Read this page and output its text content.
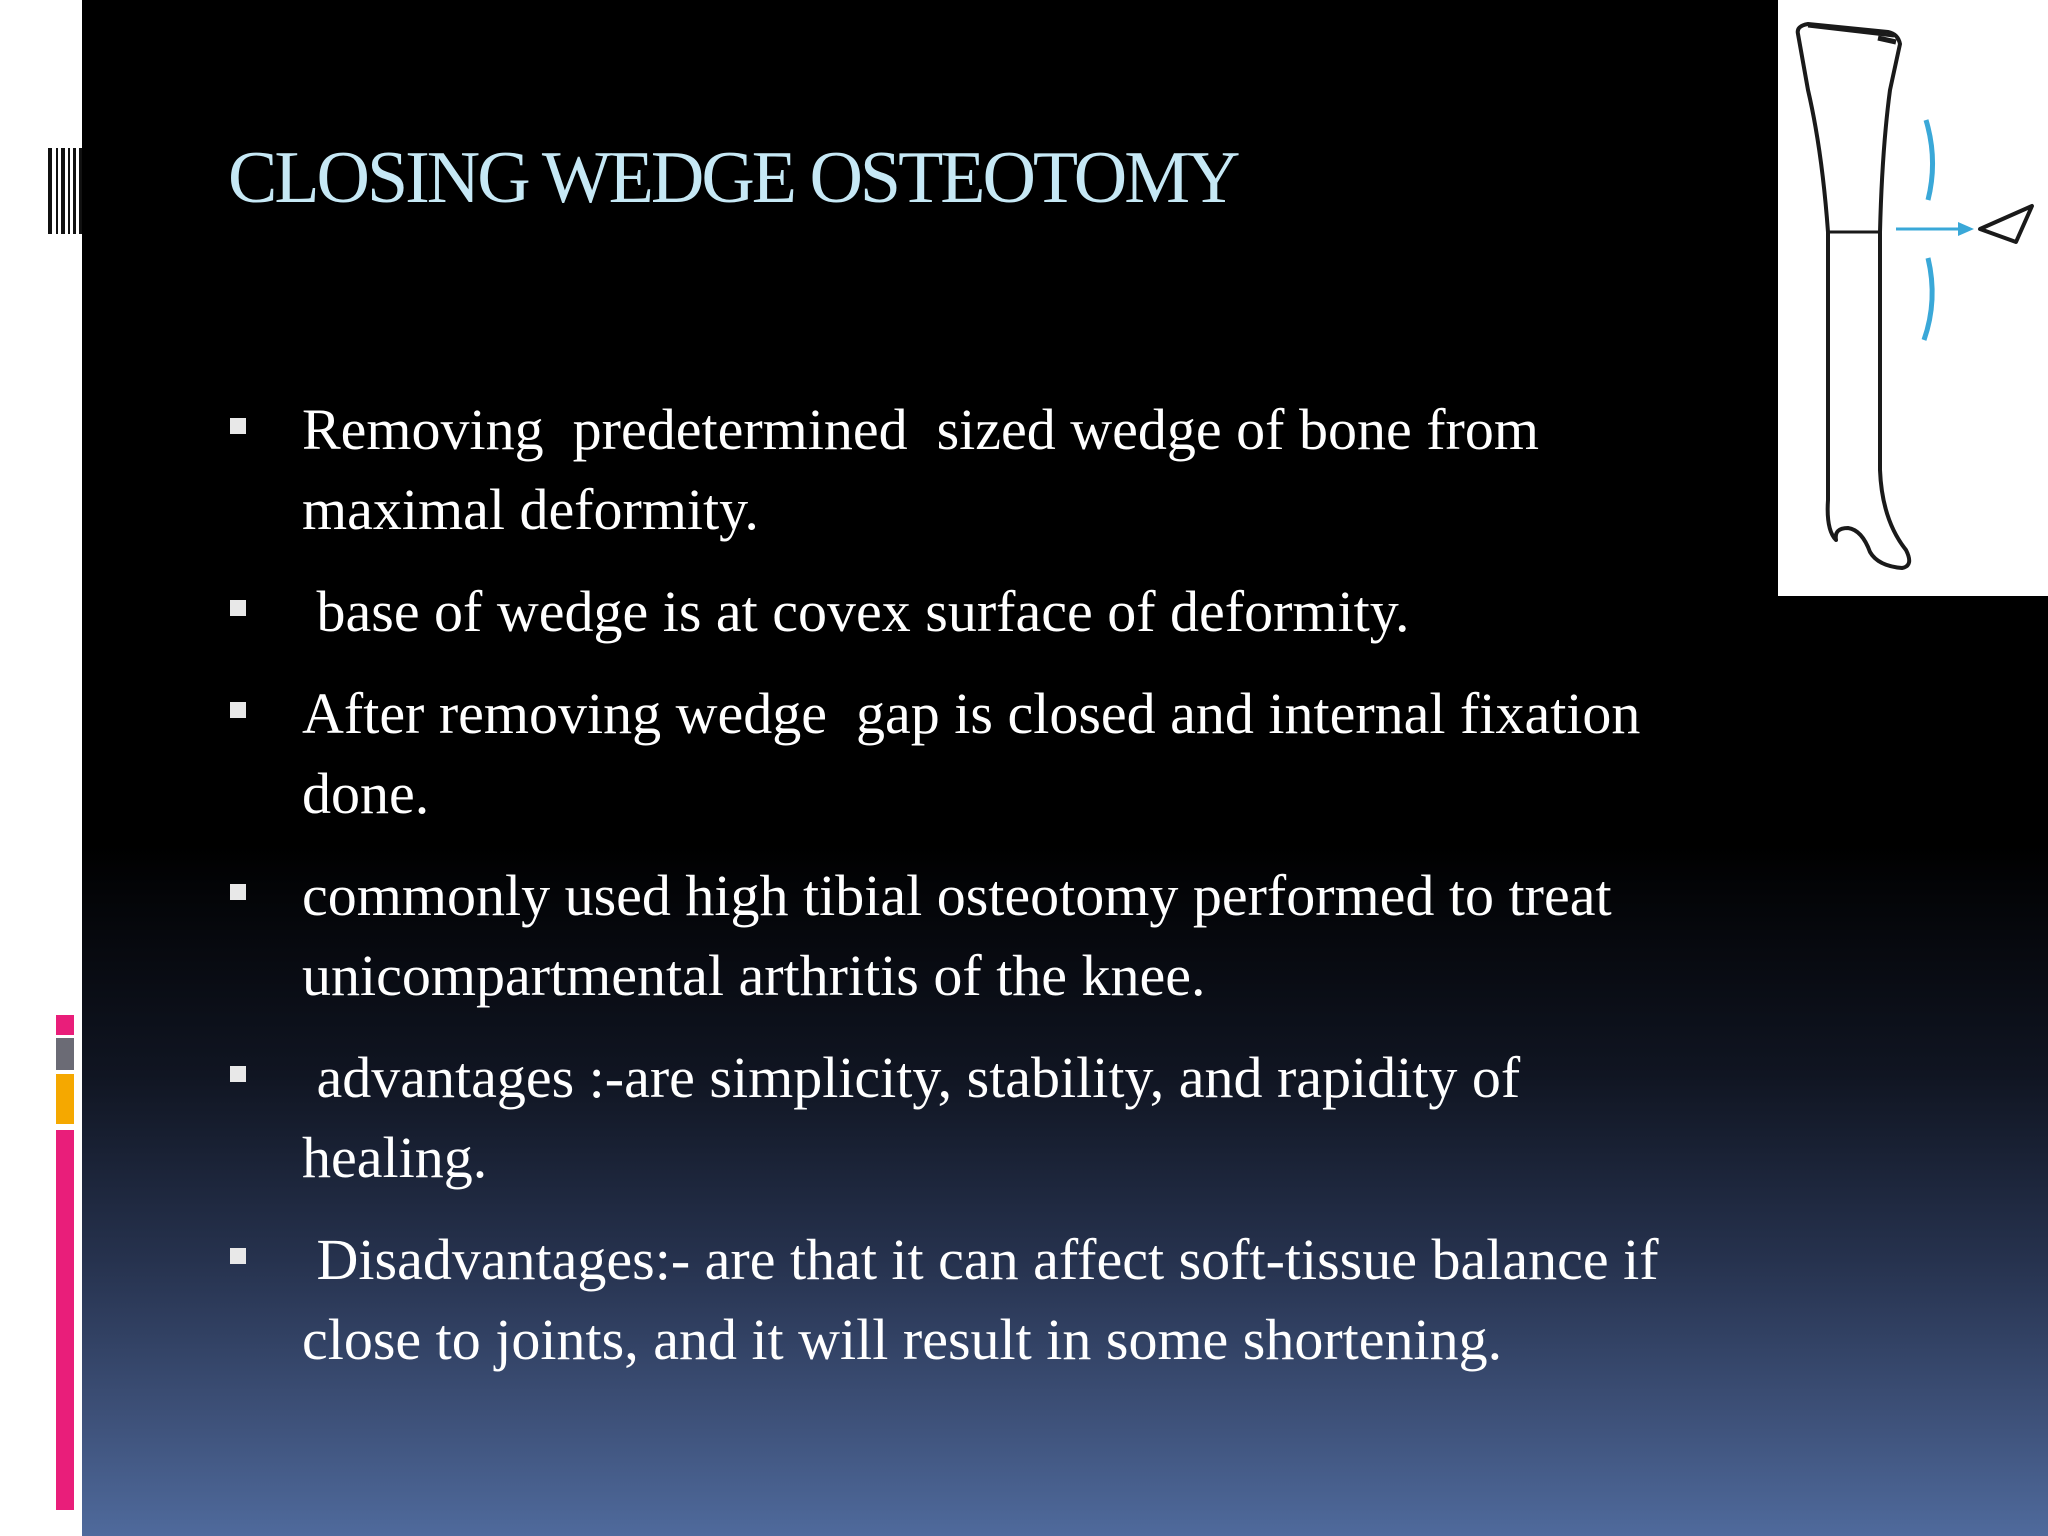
CLOSING WEDGE OSTEOTOMY
Removing  predetermined  sized wedge of bone from
maximal deformity.
base of wedge is at covex surface of deformity.
After removing wedge  gap is closed and internal fixation
done.
commonly used high tibial osteotomy performed to treat
unicompartmental arthritis of the knee.
advantages :-are simplicity, stability, and rapidity of
healing.
Disadvantages:- are that it can affect soft-tissue balance if
close to joints, and it will result in some shortening.
